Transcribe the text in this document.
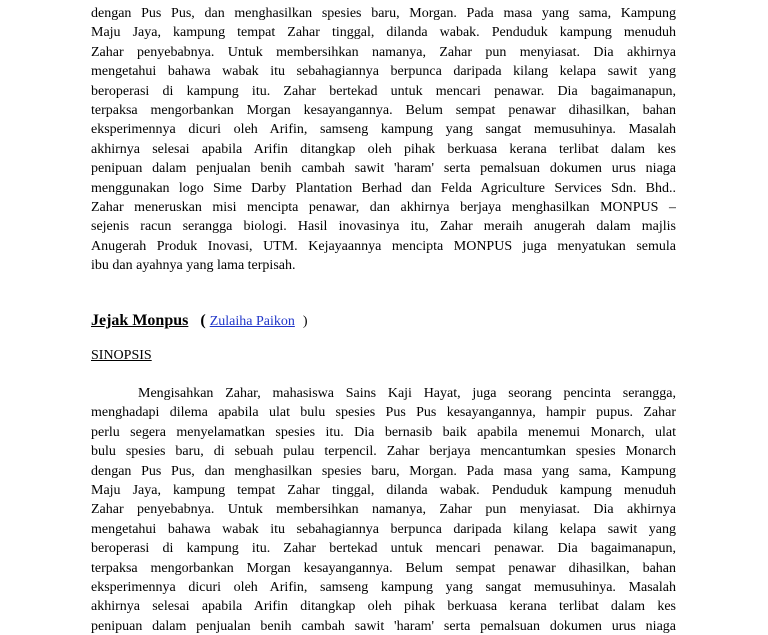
dengan Pus Pus, dan menghasilkan spesies baru, Morgan. Pada masa yang sama, Kampung
Maju Jaya, kampung tempat Zahar tinggal, dilanda wabak. Penduduk kampung menuduh
Zahar penyebabnya. Untuk membersihkan namanya, Zahar pun menyiasat. Dia akhirnya
mengetahui bahawa wabak itu sebahagiannya berpunca daripada kilang kelapa sawit yang
beroperasi di kampung itu. Zahar bertekad untuk mencari penawar. Dia bagaimanapun,
terpaksa mengorbankan Morgan kesayangannya. Belum sempat penawar dihasilkan, bahan
eksperimennya dicuri oleh Arifin, samseng kampung yang sangat memusuhinya. Masalah
akhirnya selesai apabila Arifin ditangkap oleh pihak berkuasa kerana terlibat dalam kes
penipuan dalam penjualan benih cambah sawit 'haram' serta pemalsuan dokumen urus niaga
menggunakan logo Sime Darby Plantation Berhad dan Felda Agriculture Services Sdn. Bhd..
Zahar meneruskan misi mencipta penawar, dan akhirnya berjaya menghasilkan MONPUS –
sejenis racun serangga biologi. Hasil inovasinya itu, Zahar meraih anugerah dalam majlis
Anugerah Produk Inovasi, UTM. Kejayaannya mencipta MONPUS juga menyatukan semula
ibu dan ayahnya yang lama terpisah.
Jejak Monpus ( Zulaiha Paikon )
SINOPSIS
Mengisahkan Zahar, mahasiswa Sains Kaji Hayat, juga seorang pencinta serangga,
menghadapi dilema apabila ulat bulu spesies Pus Pus kesayangannya, hampir pupus. Zahar
perlu segera menyelamatkan spesies itu. Dia bernasib baik apabila menemui Monarch, ulat
bulu spesies baru, di sebuah pulau terpencil. Zahar berjaya mencantumkan spesies Monarch
dengan Pus Pus, dan menghasilkan spesies baru, Morgan. Pada masa yang sama, Kampung
Maju Jaya, kampung tempat Zahar tinggal, dilanda wabak. Penduduk kampung menuduh
Zahar penyebabnya. Untuk membersihkan namanya, Zahar pun menyiasat. Dia akhirnya
mengetahui bahawa wabak itu sebahagiannya berpunca daripada kilang kelapa sawit yang
beroperasi di kampung itu. Zahar bertekad untuk mencari penawar. Dia bagaimanapun,
terpaksa mengorbankan Morgan kesayangannya. Belum sempat penawar dihasilkan, bahan
eksperimennya dicuri oleh Arifin, samseng kampung yang sangat memusuhinya. Masalah
akhirnya selesai apabila Arifin ditangkap oleh pihak berkuasa kerana terlibat dalam kes
penipuan dalam penjualan benih cambah sawit 'haram' serta pemalsuan dokumen urus niaga
